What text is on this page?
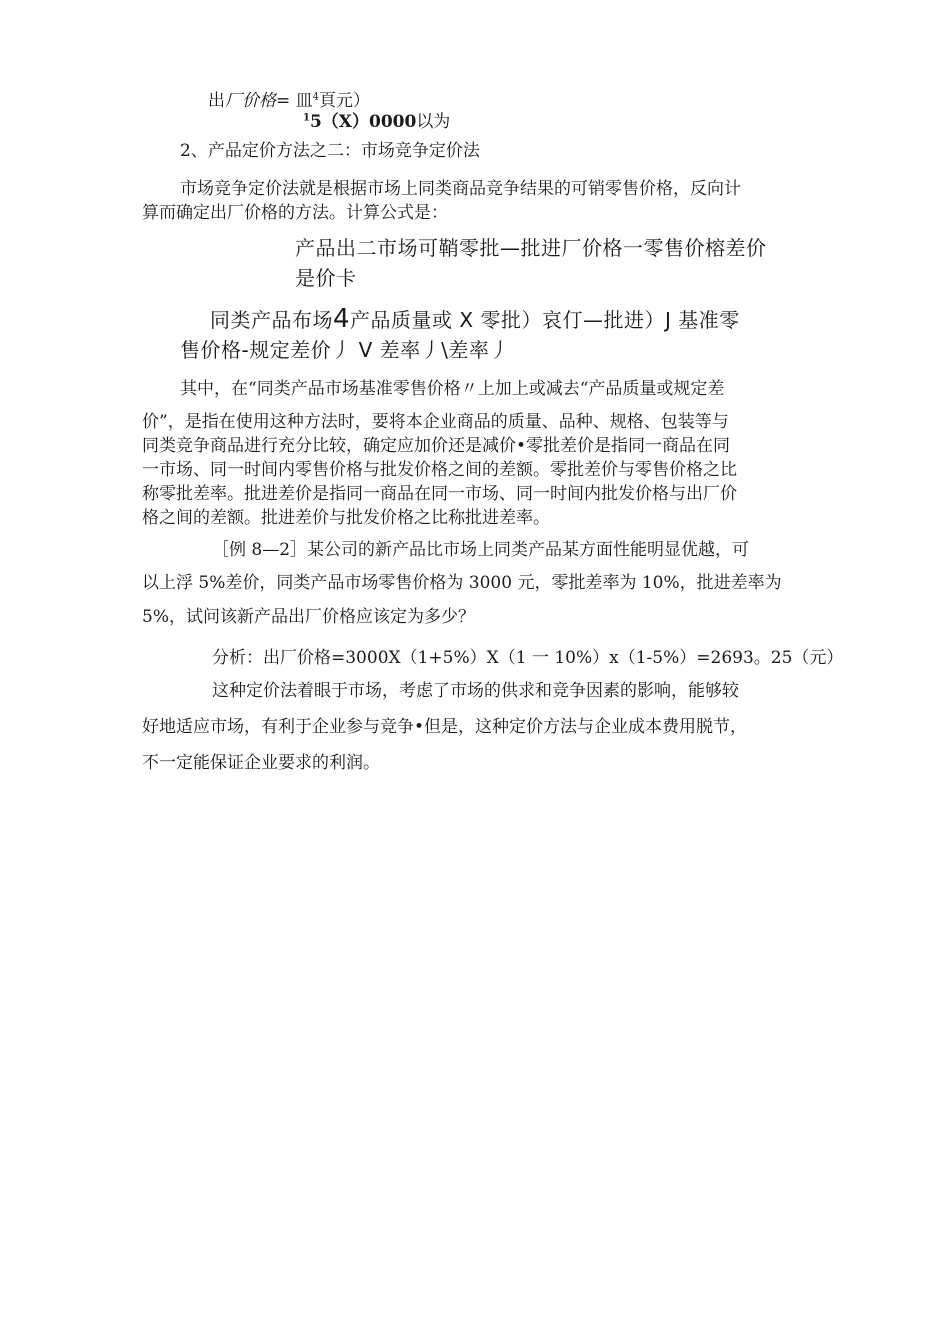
出厂价格= 皿$^4$頁元）
$^1$5（X）0000以为
2、产品定价方法之二：市场竞争定价法
市场竞争定价法就是根据市场上同类商品竞争结果的可销零售价格，反向计
算而确定出厂价格的方法。计算公式是：
产品出二市场可鞘零批—批进厂价格一零售价榕差价
是价卡
同类产品布场4产品质量或 X 零批）哀仃—批进）J 基准零
售价格-规定差价丿 V 差率丿\差率丿
其中，在“同类产品市场基准零售价格〃上加上或减去“产品质量或规定差
价”，是指在使用这种方法时，要将本企业商品的质量、品种、规格、包装等与
同类竞争商品进行充分比较，确定应加价还是减价•零批差价是指同一商品在同
一市场、同一时间内零售价格与批发价格之间的差额。零批差价与零售价格之比
称零批差率。批进差价是指同一商品在同一市场、同一时间内批发价格与出厂价
格之间的差额。批进差价与批发价格之比称批进差率。
［例 8—2］某公司的新产品比市场上同类产品某方面性能明显优越，可
以上浮 5%差价，同类产品市场零售价格为 3000 元，零批差率为 10%，批进差率为
5%，试问该新产品出厂价格应该定为多少？
分析：出厂价格=3000X（1+5%）X（1 一 10%）x（1-5%）=2693。25（元）
这种定价法着眼于市场，考虑了市场的供求和竞争因素的影响，能够较
好地适应市场，有利于企业参与竞争•但是，这种定价方法与企业成本费用脱节，
不一定能保证企业要求的利润。
